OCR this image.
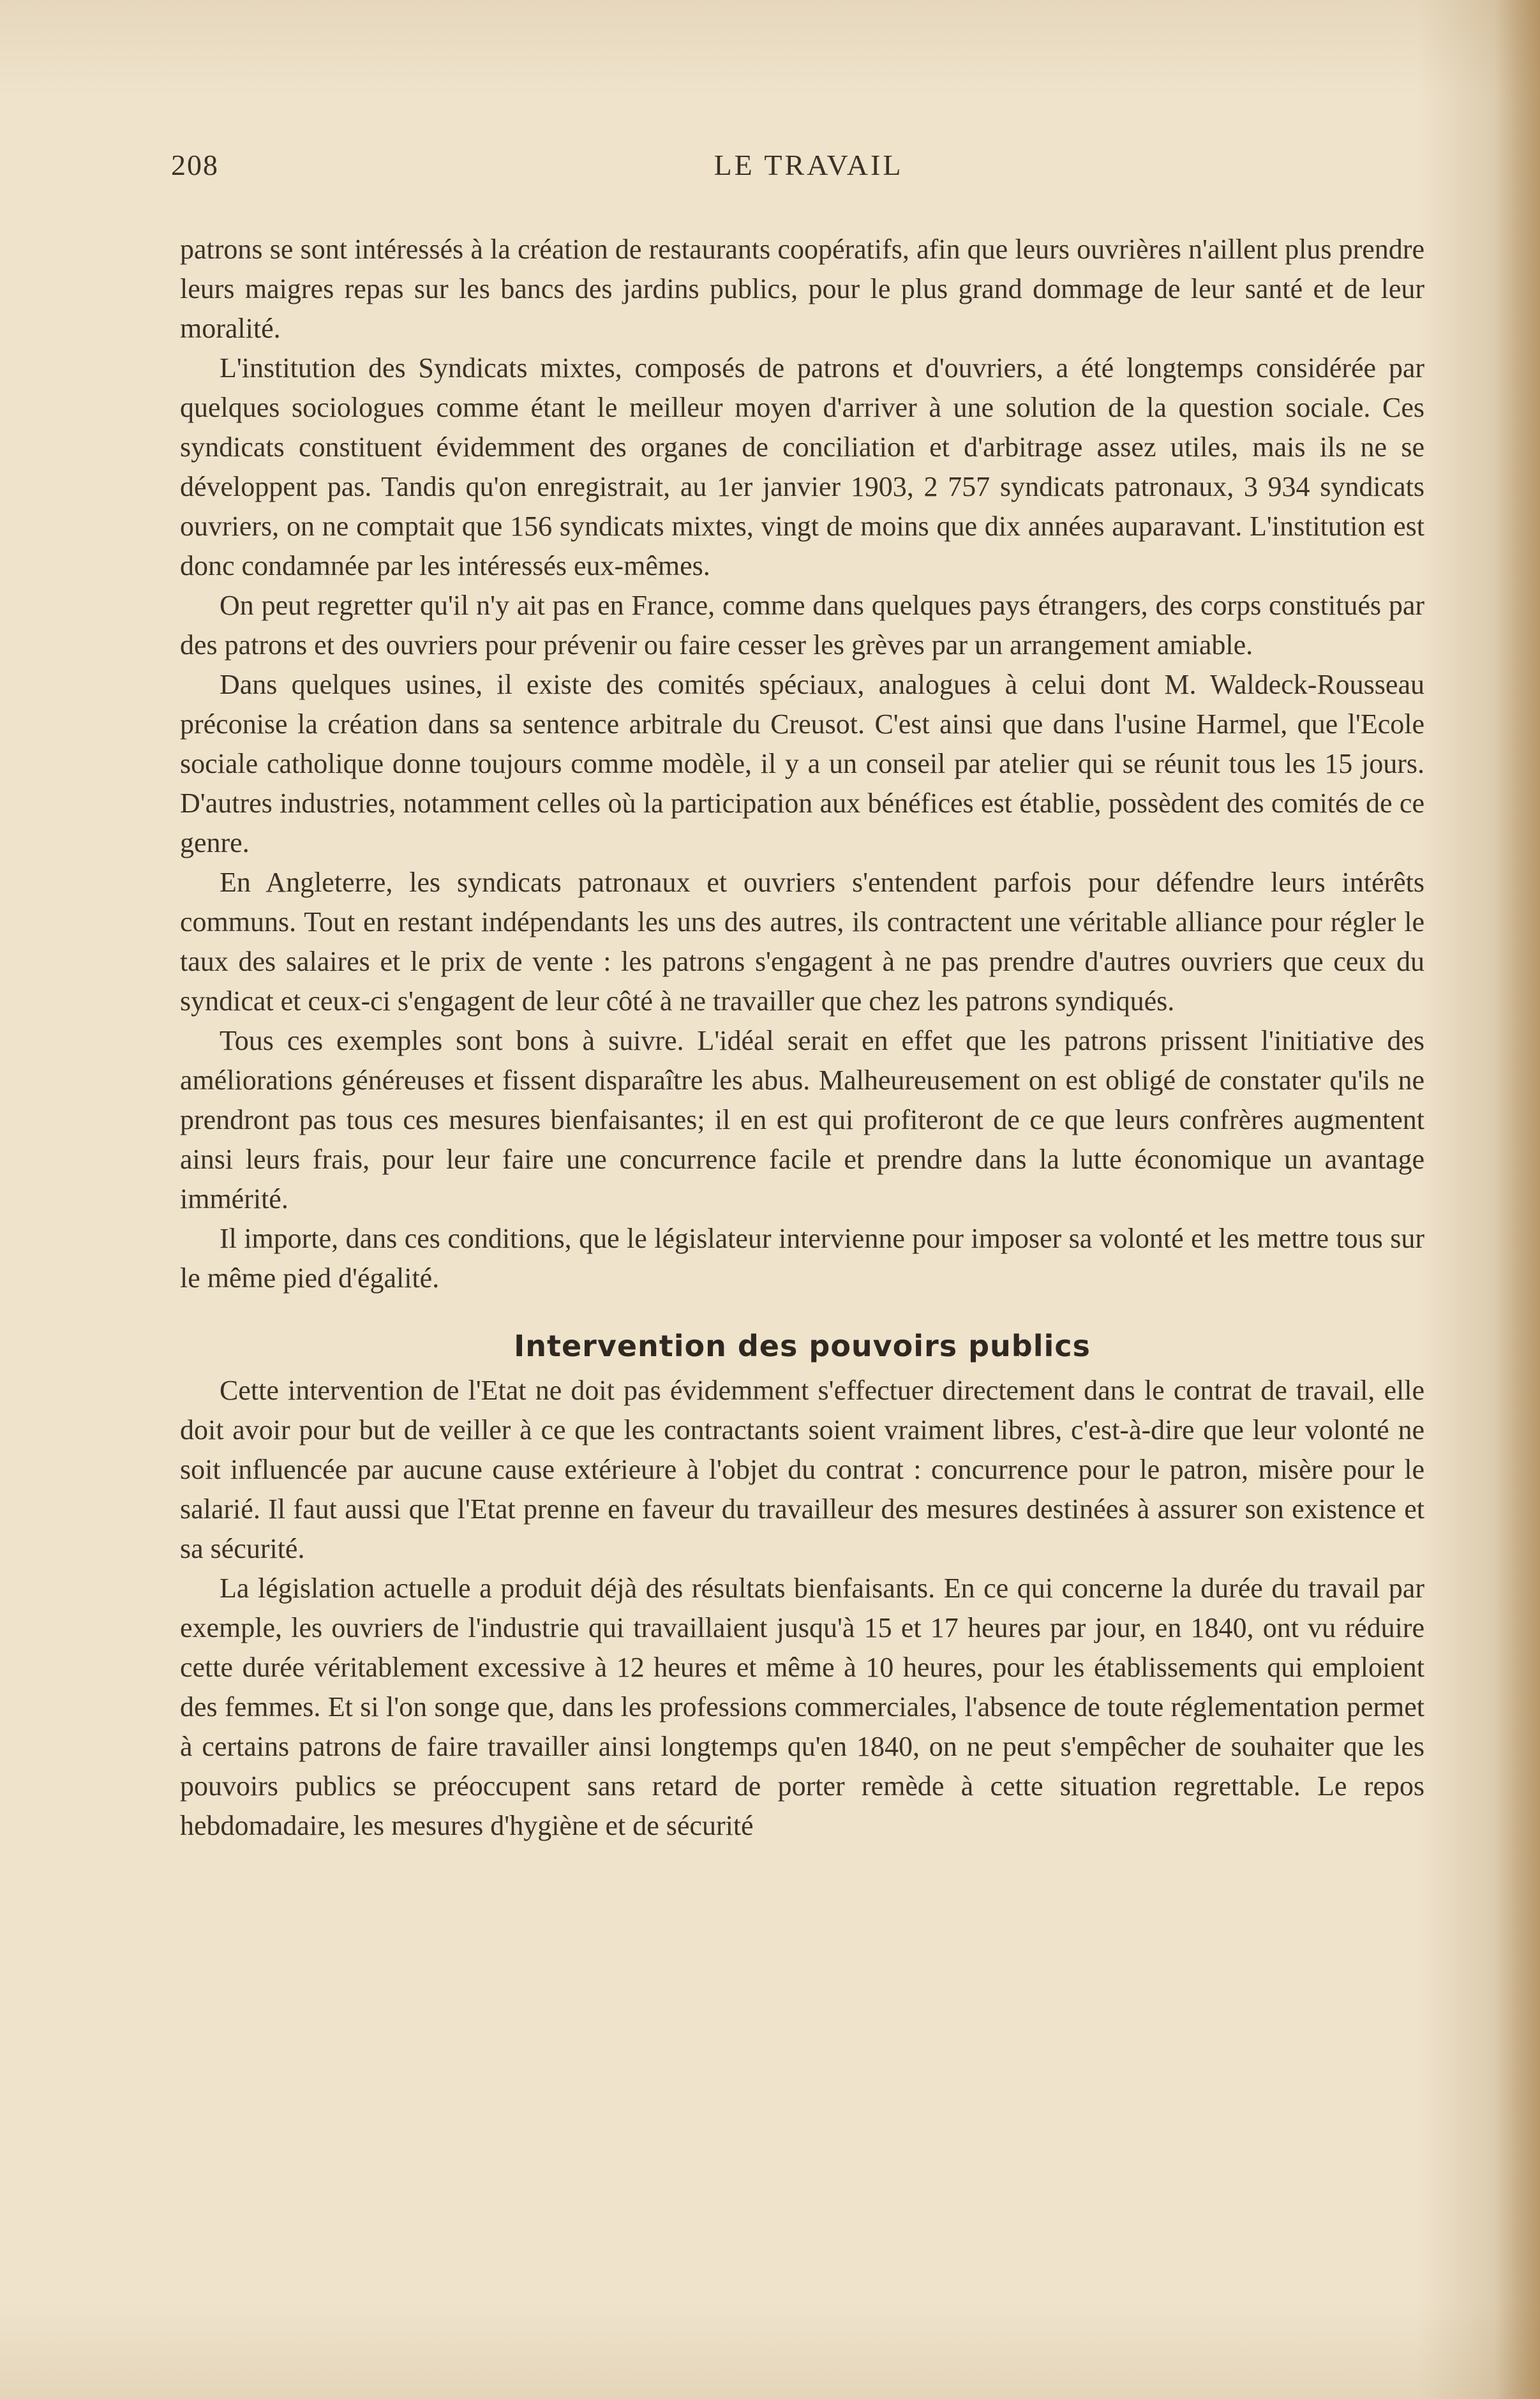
208	LE TRAVAIL

patrons se sont intéressés à la création de restaurants coopératifs, afin que leurs ouvrières n'aillent plus prendre leurs maigres repas sur les bancs des jardins publics, pour le plus grand dommage de leur santé et de leur moralité.

L'institution des Syndicats mixtes, composés de patrons et d'ouvriers, a été longtemps considérée par quelques sociologues comme étant le meilleur moyen d'arriver à une solution de la question sociale. Ces syndicats constituent évidemment des organes de conciliation et d'arbitrage assez utiles, mais ils ne se développent pas. Tandis qu'on enregistrait, au 1er janvier 1903, 2 757 syndicats patronaux, 3 934 syndicats ouvriers, on ne comptait que 156 syndicats mixtes, vingt de moins que dix années auparavant. L'institution est donc condamnée par les intéressés eux-mêmes.

On peut regretter qu'il n'y ait pas en France, comme dans quelques pays étrangers, des corps constitués par des patrons et des ouvriers pour prévenir ou faire cesser les grèves par un arrangement amiable.

Dans quelques usines, il existe des comités spéciaux, analogues à celui dont M. Waldeck-Rousseau préconise la création dans sa sentence arbitrale du Creusot. C'est ainsi que dans l'usine Harmel, que l'Ecole sociale catholique donne toujours comme modèle, il y a un conseil par atelier qui se réunit tous les 15 jours. D'autres industries, notamment celles où la participation aux bénéfices est établie, possèdent des comités de ce genre.

En Angleterre, les syndicats patronaux et ouvriers s'entendent parfois pour défendre leurs intérêts communs. Tout en restant indépendants les uns des autres, ils contractent une véritable alliance pour régler le taux des salaires et le prix de vente : les patrons s'engagent à ne pas prendre d'autres ouvriers que ceux du syndicat et ceux-ci s'engagent de leur côté à ne travailler que chez les patrons syndiqués.

Tous ces exemples sont bons à suivre. L'idéal serait en effet que les patrons prissent l'initiative des améliorations généreuses et fissent disparaître les abus. Malheureusement on est obligé de constater qu'ils ne prendront pas tous ces mesures bienfaisantes; il en est qui profiteront de ce que leurs confrères augmentent ainsi leurs frais, pour leur faire une concurrence facile et prendre dans la lutte économique un avantage immérité.

Il importe, dans ces conditions, que le législateur intervienne pour imposer sa volonté et les mettre tous sur le même pied d'égalité.

Intervention des pouvoirs publics

Cette intervention de l'Etat ne doit pas évidemment s'effectuer directement dans le contrat de travail, elle doit avoir pour but de veiller à ce que les contractants soient vraiment libres, c'est-à-dire que leur volonté ne soit influencée par aucune cause extérieure à l'objet du contrat : concurrence pour le patron, misère pour le salarié. Il faut aussi que l'Etat prenne en faveur du travailleur des mesures destinées à assurer son existence et sa sécurité.

La législation actuelle a produit déjà des résultats bienfaisants. En ce qui concerne la durée du travail par exemple, les ouvriers de l'industrie qui travaillaient jusqu'à 15 et 17 heures par jour, en 1840, ont vu réduire cette durée véritablement excessive à 12 heures et même à 10 heures, pour les établissements qui emploient des femmes. Et si l'on songe que, dans les professions commerciales, l'absence de toute réglementation permet à certains patrons de faire travailler ainsi longtemps qu'en 1840, on ne peut s'empêcher de souhaiter que les pouvoirs publics se préoccupent sans retard de porter remède à cette situation regrettable. Le repos hebdomadaire, les mesures d'hygiène et de sécurité
